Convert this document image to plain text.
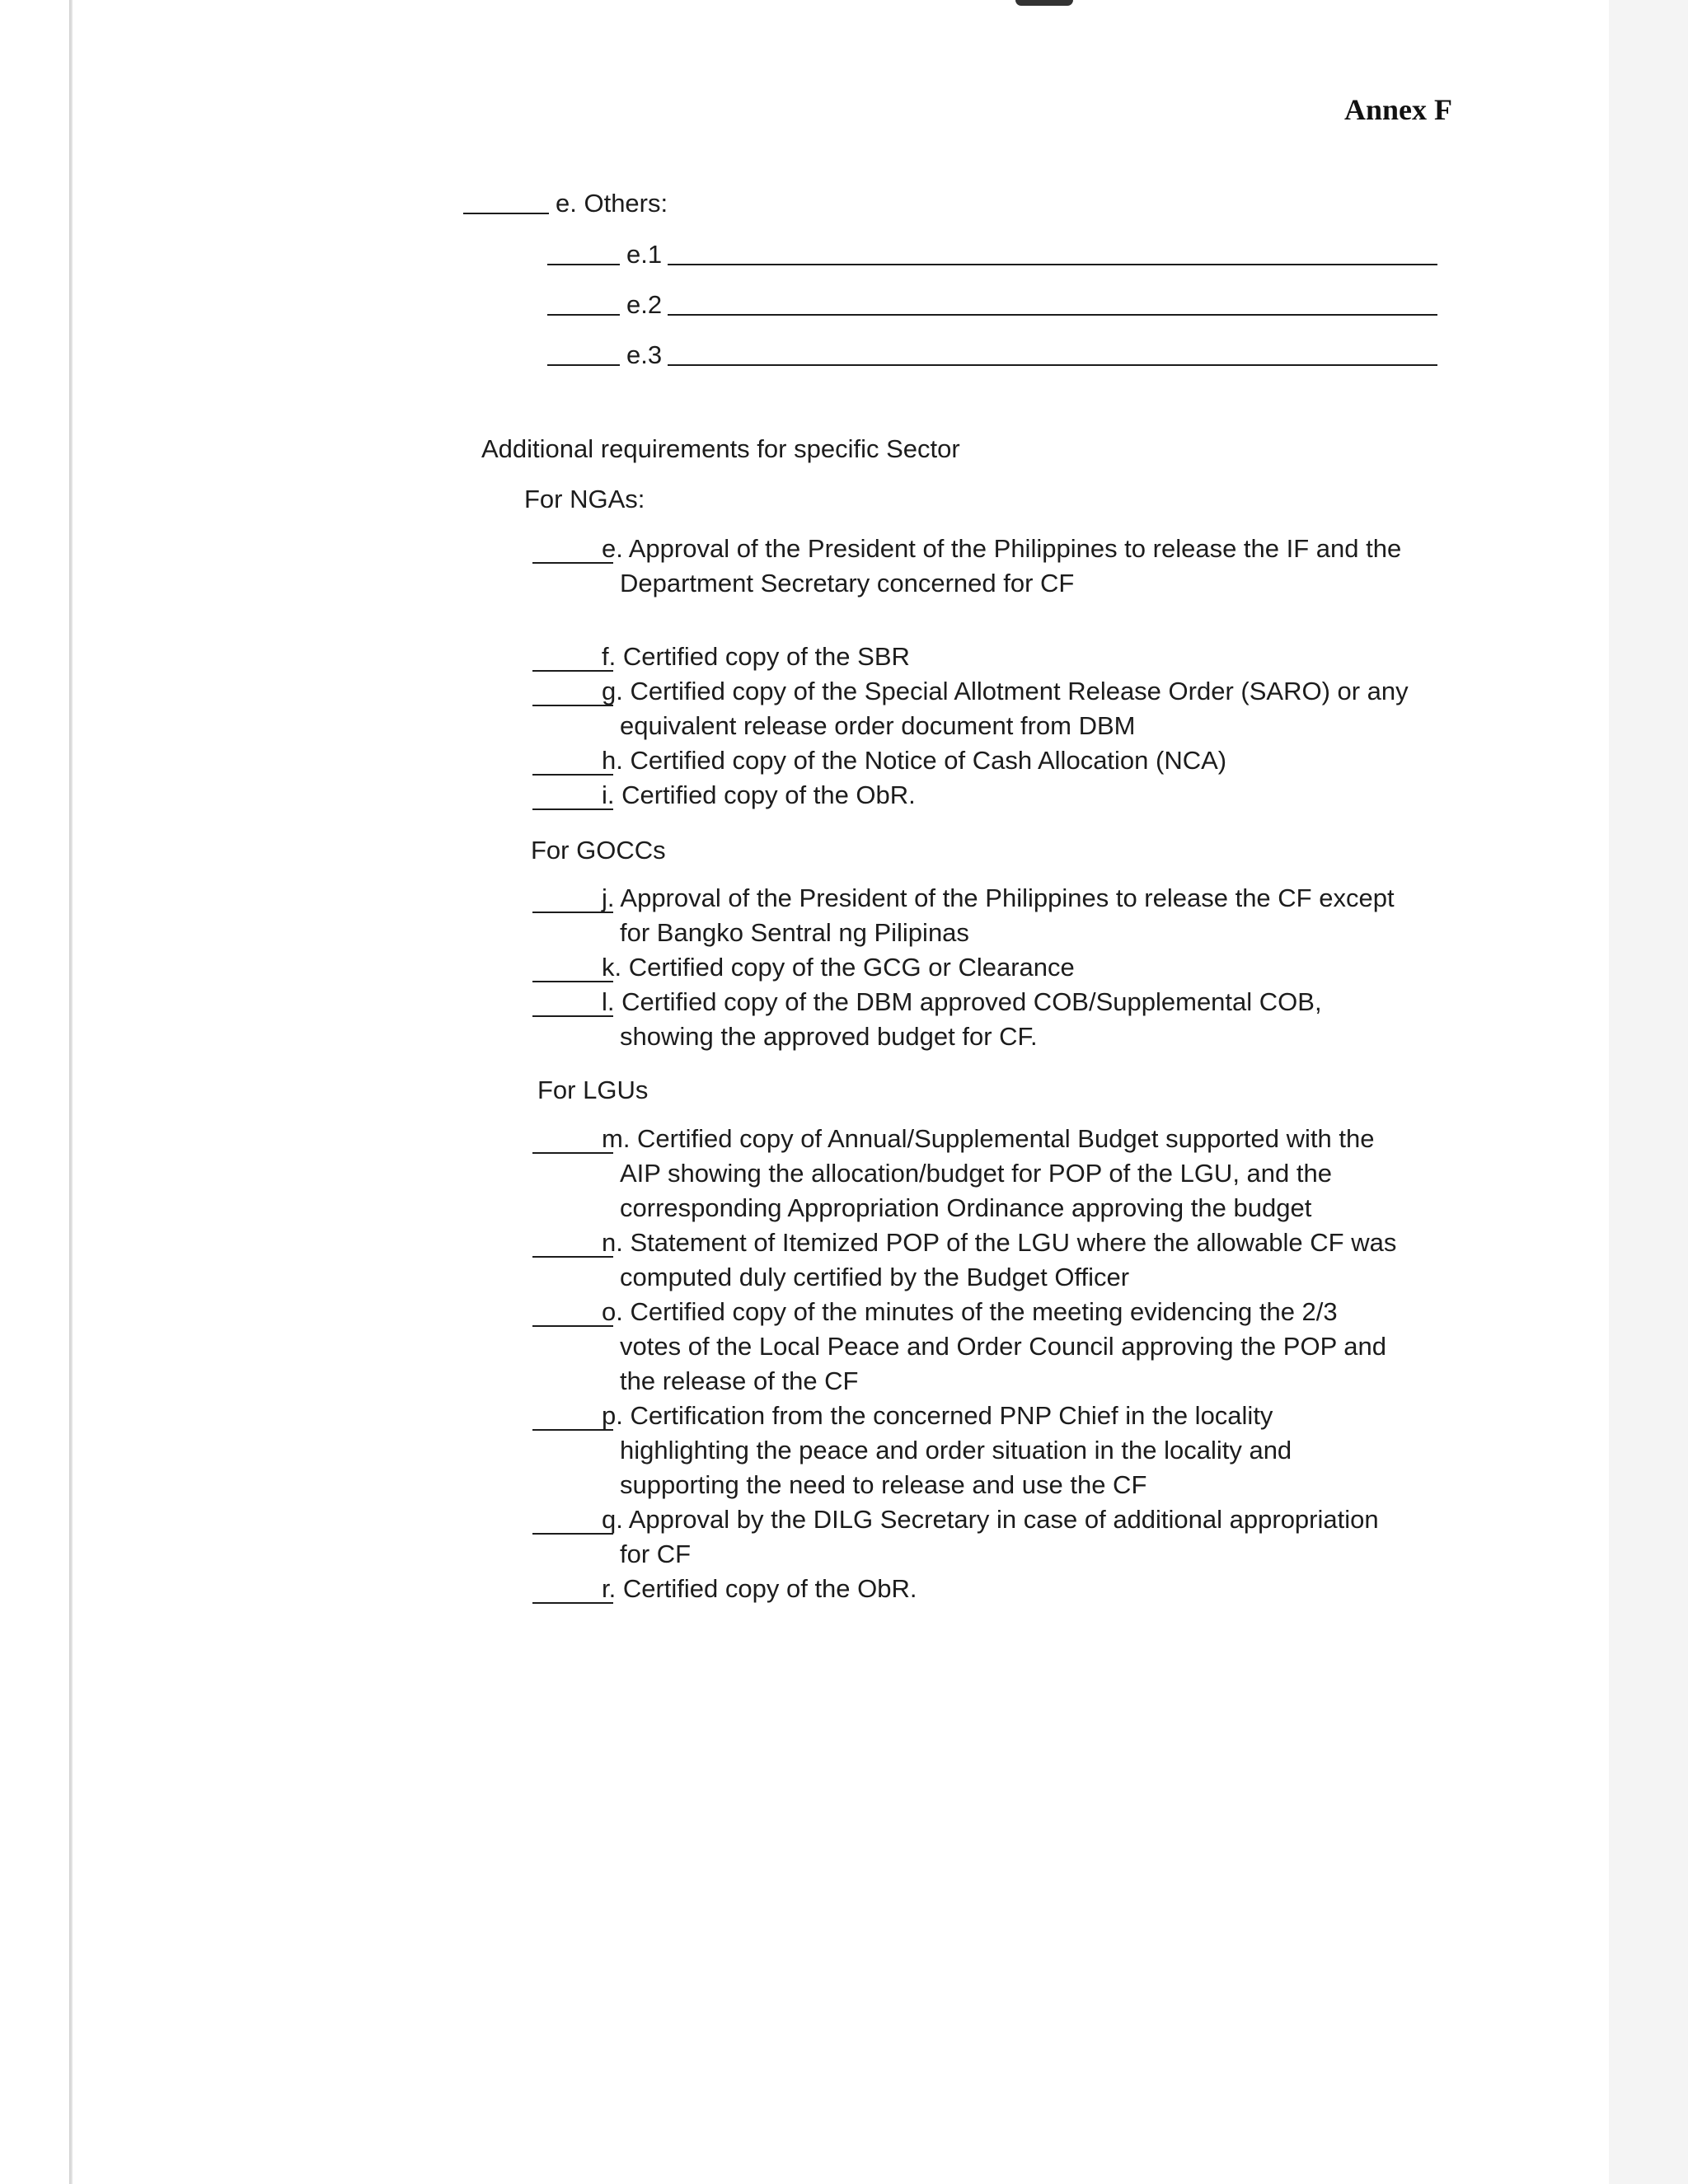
Annex F
e. Others:
e.1
e.2
e.3
Additional requirements for specific Sector
For NGAs:
e. Approval of the President of the Philippines to release the IF and the
Department Secretary concerned for CF
f. Certified copy of the SBR
g. Certified copy of the Special Allotment Release Order (SARO) or any
equivalent release order document from DBM
h. Certified copy of the Notice of Cash Allocation (NCA)
i. Certified copy of the ObR.
For GOCCs
j. Approval of the President of the Philippines to release the CF except
for Bangko Sentral ng Pilipinas
k. Certified copy of the GCG or Clearance
l. Certified copy of the DBM approved COB/Supplemental COB,
showing the approved budget for CF.
For LGUs
m. Certified copy of Annual/Supplemental Budget supported with the
AIP showing the allocation/budget for POP of the LGU, and the
corresponding Appropriation Ordinance approving the budget
n. Statement of Itemized POP of the LGU where the allowable CF was
computed duly certified by the Budget Officer
o. Certified copy of the minutes of the meeting evidencing the 2/3
votes of the Local Peace and Order Council approving the POP and
the release of the CF
p. Certification from the concerned PNP Chief in the locality
highlighting the peace and order situation in the locality and
supporting the need to release and use the CF
q. Approval by the DILG Secretary in case of additional appropriation
for CF
r. Certified copy of the ObR.
